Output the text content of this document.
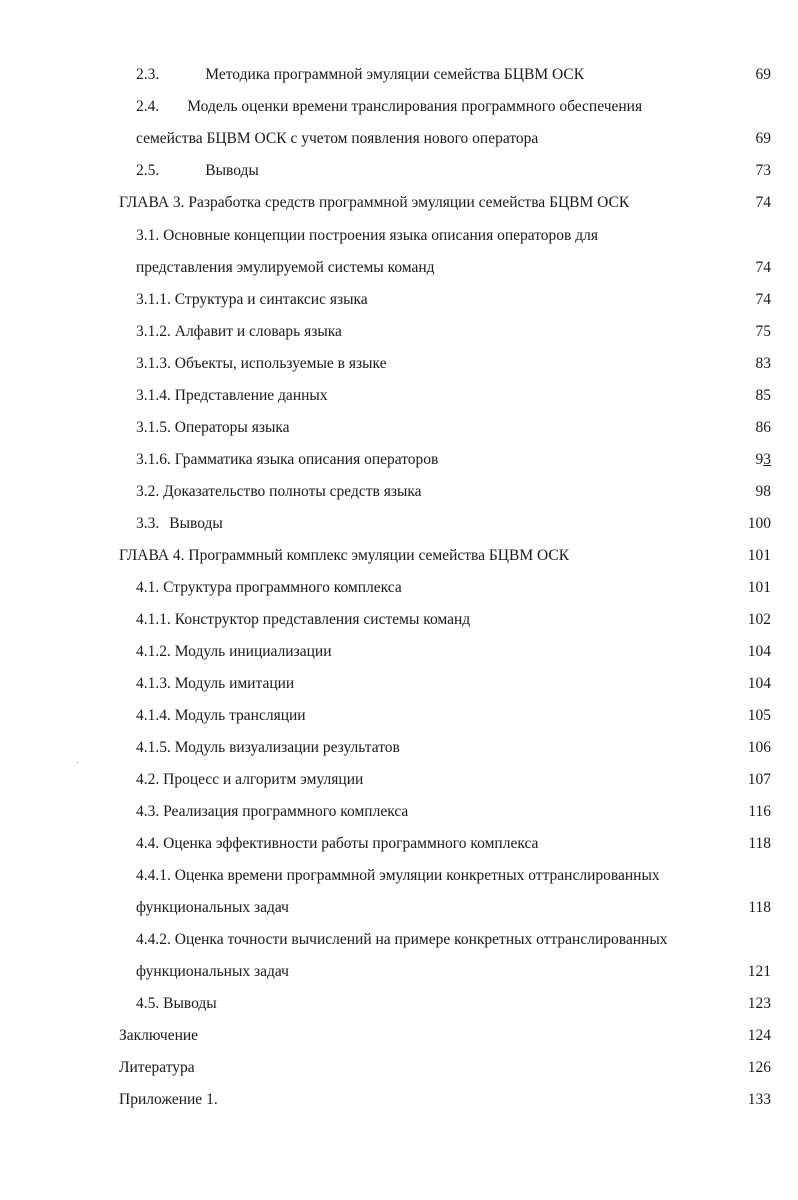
2.3.	Методика программной эмуляции семейства БЦВМ ОСК	69
2.4. Модель оценки времени транслирования программного обеспечения
семейства БЦВМ ОСК с учетом появления нового оператора	69
2.5.	Выводы	73
ГЛАВА 3. Разработка средств программной эмуляции семейства БЦВМ ОСК	74
3.1. Основные концепции построения языка описания операторов для
представления эмулируемой системы команд	74
3.1.1. Структура и синтаксис языка	74
3.1.2. Алфавит и словарь языка	75
3.1.3. Объекты, используемые в языке	83
3.1.4. Представление данных	85
3.1.5. Операторы языка	86
3.1.6. Грамматика языка описания операторов	93
3.2. Доказательство полноты средств языка	98
3.3. Выводы	100
ГЛАВА 4. Программный комплекс эмуляции семейства БЦВМ ОСК	101
4.1. Структура программного комплекса	101
4.1.1. Конструктор представления системы команд	102
4.1.2. Модуль инициализации	104
4.1.3. Модуль имитации	104
4.1.4. Модуль трансляции	105
4.1.5. Модуль визуализации результатов	106
4.2. Процесс и алгоритм эмуляции	107
4.3. Реализация программного комплекса	116
4.4. Оценка эффективности работы программного комплекса	118
4.4.1. Оценка времени программной эмуляции конкретных оттранслированных
функциональных задач	118
4.4.2. Оценка точности вычислений на примере конкретных оттранслированных
функциональных задач	121
4.5. Выводы	123
Заключение	124
Литература	126
Приложение 1.	133
